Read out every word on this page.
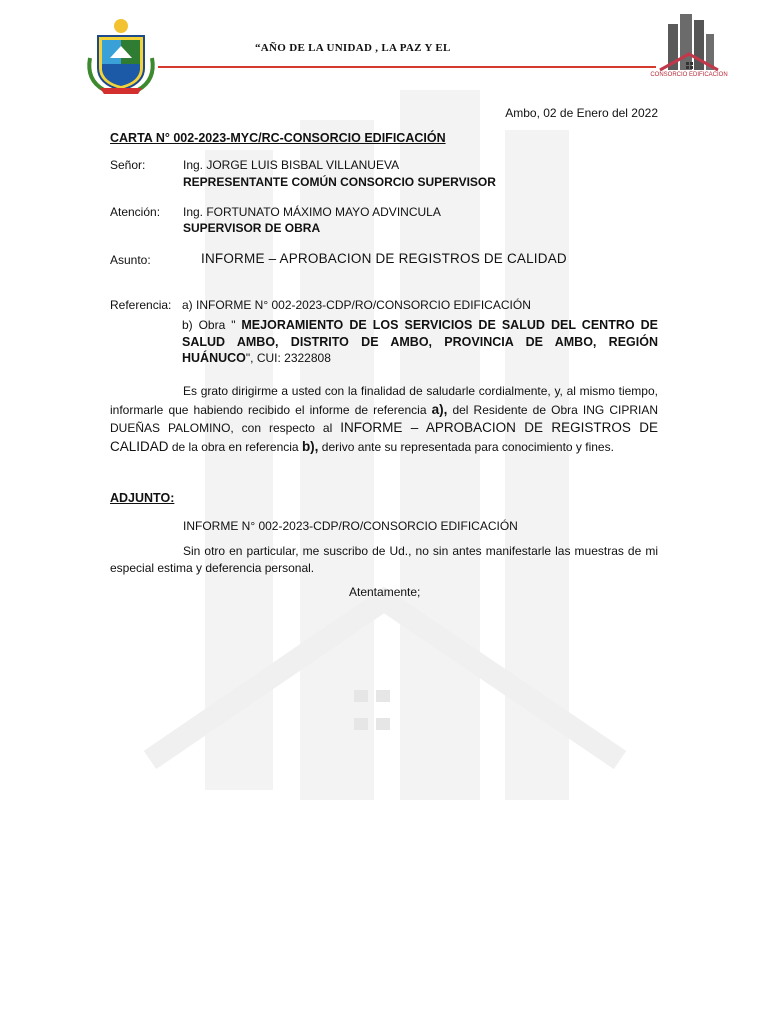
“AÑO DE LA UNIDAD , LA PAZ Y EL
CONSORCIO EDIFICACION
Ambo, 02 de Enero del 2022
CARTA N° 002-2023-MYC/RC-CONSORCIO EDIFICACIÓN
Señor:	Ing. JORGE LUIS BISBAL VILLANUEVA
REPRESENTANTE COMÚN CONSORCIO SUPERVISOR
Atención: Ing. FORTUNATO MÁXIMO MAYO ADVINCULA
SUPERVISOR DE OBRA
Asunto:	INFORME – APROBACION DE REGISTROS DE CALIDAD
Referencia: a) INFORME N° 002-2023-CDP/RO/CONSORCIO EDIFICACIÓN
b) Obra " MEJORAMIENTO DE LOS SERVICIOS DE SALUD DEL CENTRO DE SALUD AMBO, DISTRITO DE AMBO, PROVINCIA DE AMBO, REGIÓN HUÁNUCO", CUI: 2322808
Es grato dirigirme a usted con la finalidad de saludarle cordialmente, y, al mismo tiempo, informarle que habiendo recibido el informe de referencia a), del Residente de Obra ING CIPRIAN DUEÑAS PALOMINO, con respecto al INFORME – APROBACION DE REGISTROS DE CALIDAD de la obra en referencia b), derivo ante su representada para conocimiento y fines.
ADJUNTO:
INFORME N° 002-2023-CDP/RO/CONSORCIO EDIFICACIÓN
Sin otro en particular, me suscribo de Ud., no sin antes manifestarle las muestras de mi especial estima y deferencia personal.
Atentamente;
